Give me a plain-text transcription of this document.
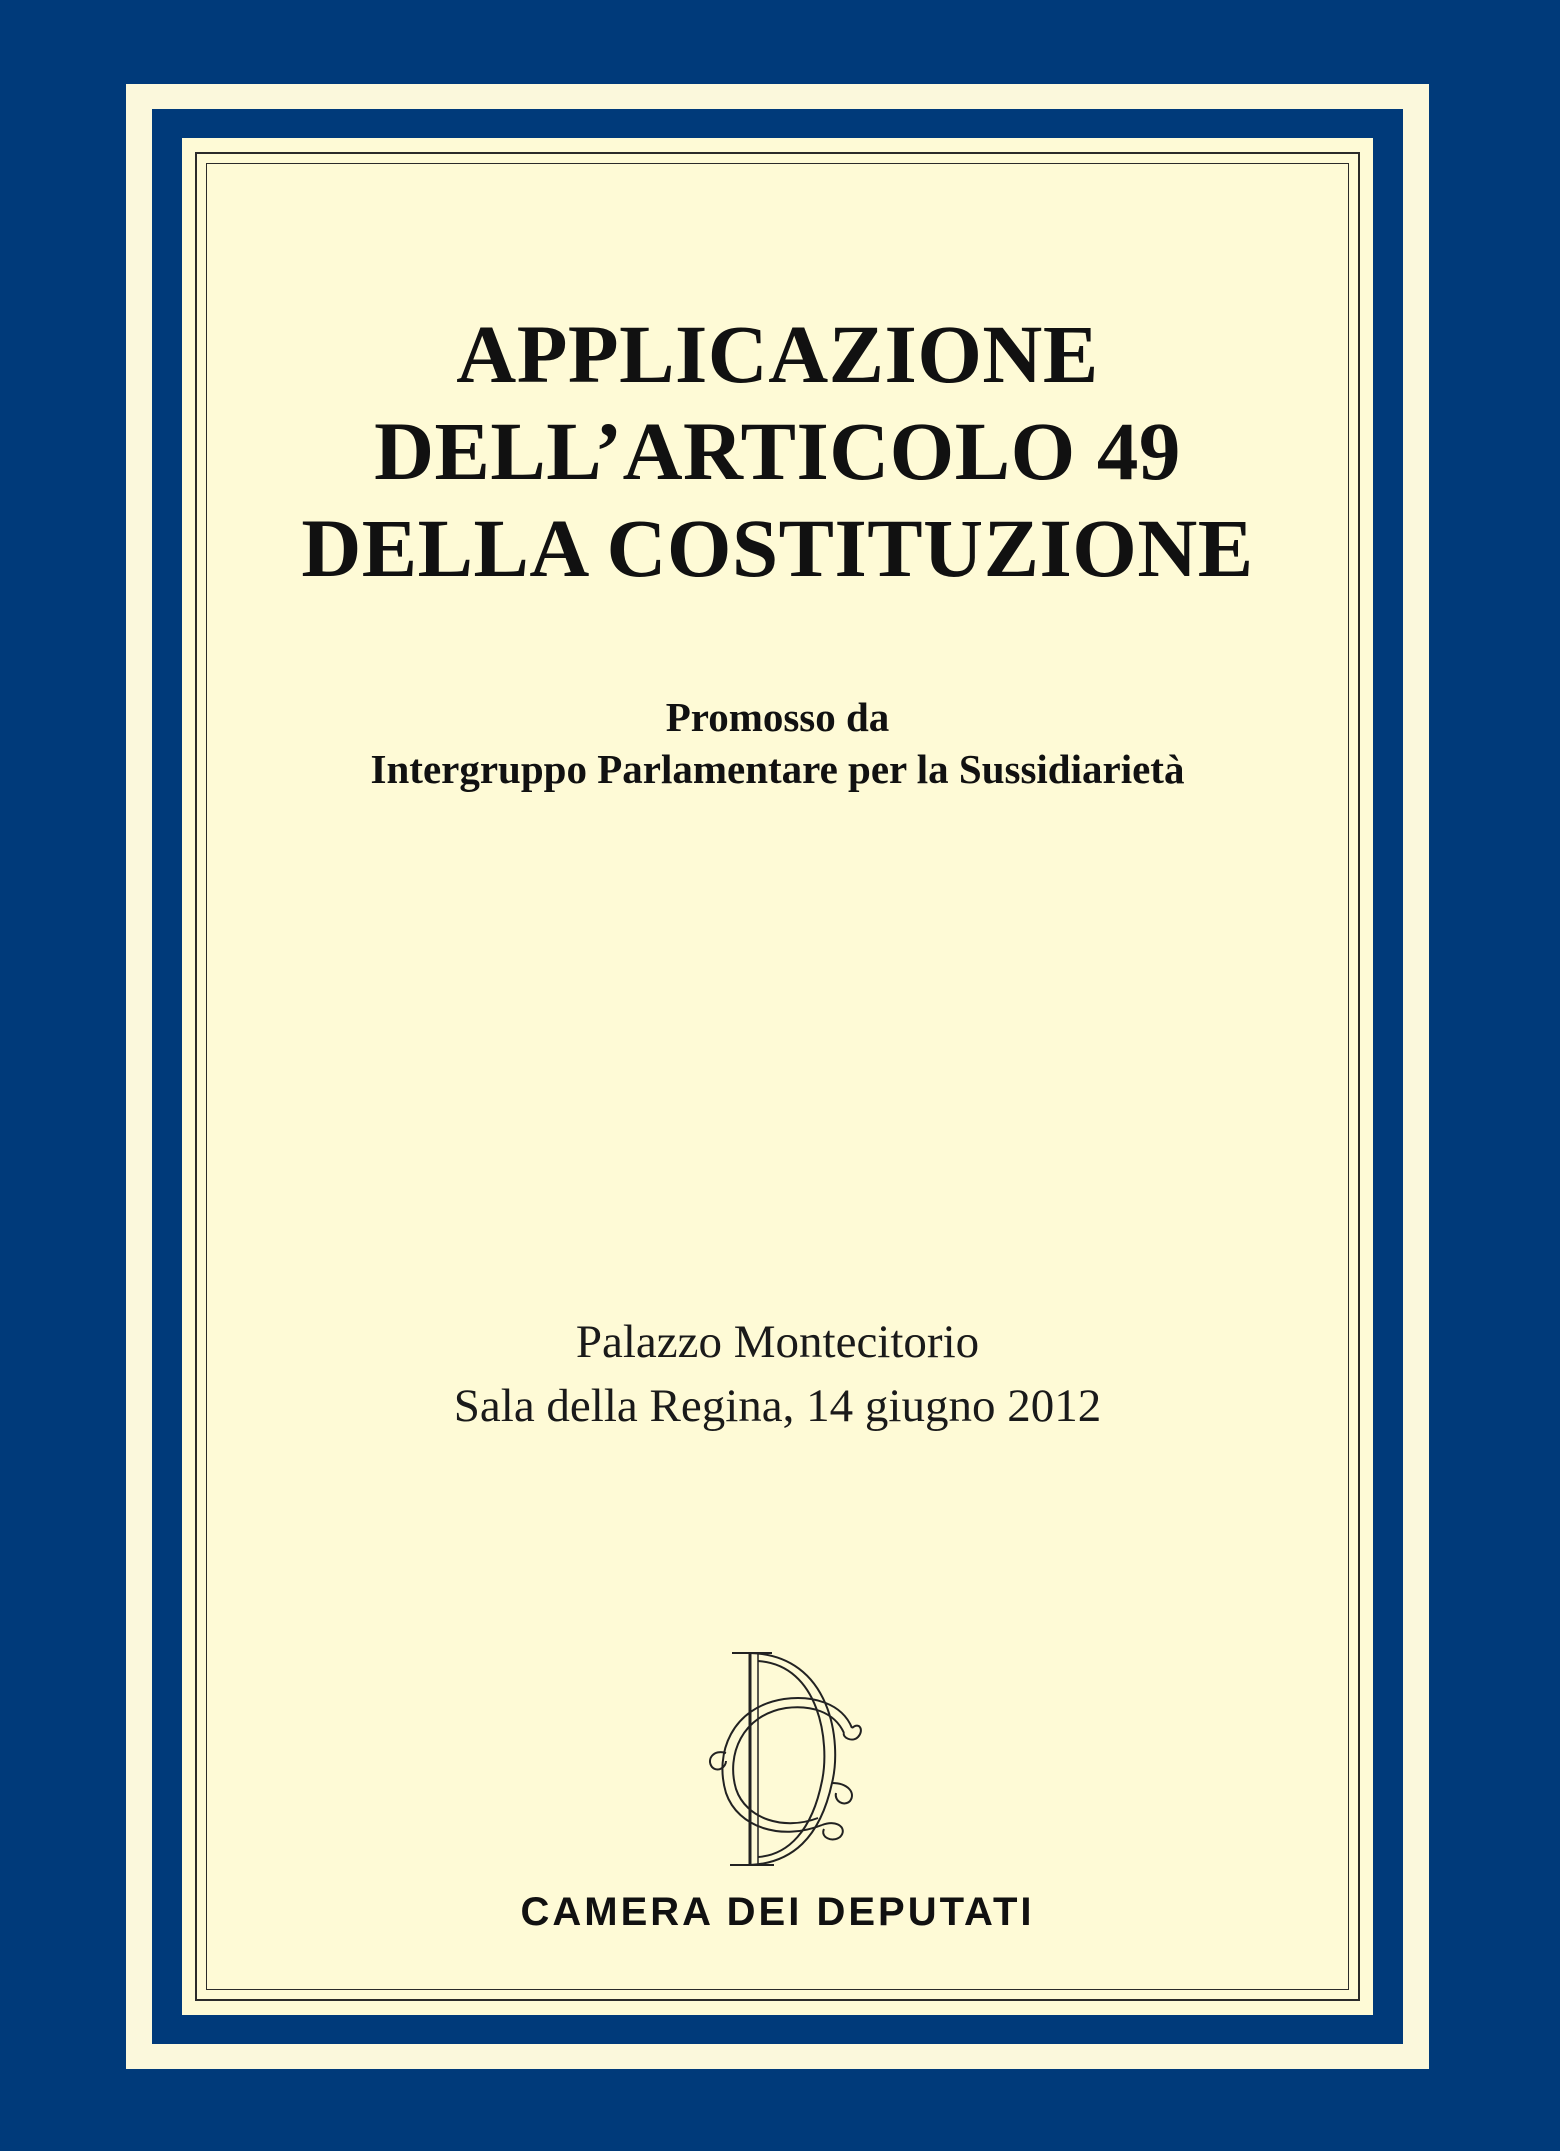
APPLICAZIONE
DELL’ARTICOLO 49
DELLA COSTITUZIONE
Promosso da
Intergruppo Parlamentare per la Sussidiarietà
Palazzo Montecitorio
Sala della Regina, 14 giugno 2012
CAMERA DEI DEPUTATI
